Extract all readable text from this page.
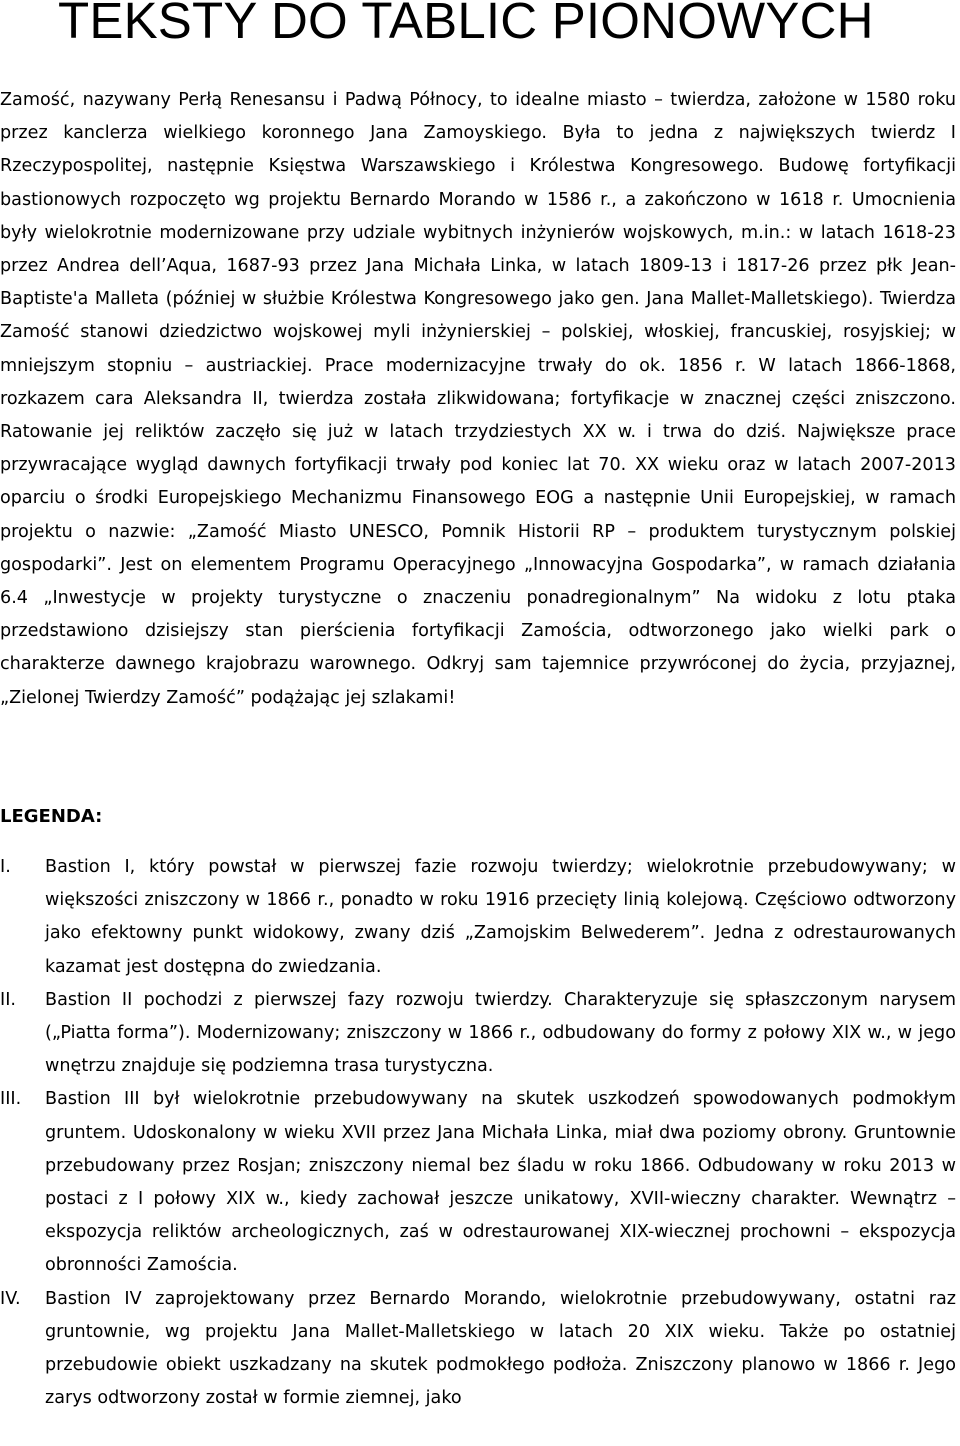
TEKSTY DO TABLIC PIONOWYCH

Zamość, nazywany Perłą Renesansu i Padwą Północy, to idealne miasto – twierdza, założone w 1580 roku przez kanclerza wielkiego koronnego Jana Zamoyskiego. Była to jedna z największych twierdz I Rzeczypospolitej, następnie Księstwa Warszawskiego i Królestwa Kongresowego. Budowę fortyfikacji bastionowych rozpoczęto wg projektu Bernardo Morando w 1586 r., a zakończono w 1618 r. Umocnienia były wielokrotnie modernizowane przy udziale wybitnych inżynierów wojskowych, m.in.: w latach 1618-23 przez Andrea dell’Aqua, 1687-93 przez Jana Michała Linka, w latach 1809-13 i 1817-26 przez płk Jean-Baptiste'a Malleta (później w służbie Królestwa Kongresowego jako gen. Jana Mallet-Malletskiego). Twierdza Zamość stanowi dziedzictwo wojskowej myli inżynierskiej – polskiej, włoskiej, francuskiej, rosyjskiej; w mniejszym stopniu – austriackiej. Prace modernizacyjne trwały do ok. 1856 r. W latach 1866-1868, rozkazem cara Aleksandra II, twierdza została zlikwidowana; fortyfikacje w znacznej części zniszczono. Ratowanie jej reliktów zaczęło się już w latach trzydziestych XX w. i trwa do dziś. Największe prace przywracające wygląd dawnych fortyfikacji trwały pod koniec lat 70. XX wieku oraz w latach 2007-2013 oparciu o środki Europejskiego Mechanizmu Finansowego EOG a następnie Unii Europejskiej, w ramach projektu o nazwie: „Zamość Miasto UNESCO, Pomnik Historii RP – produktem turystycznym polskiej gospodarki”. Jest on elementem Programu Operacyjnego „Innowacyjna Gospodarka”, w ramach działania 6.4 „Inwestycje w projekty turystyczne o znaczeniu ponadregionalnym” Na widoku z lotu ptaka przedstawiono dzisiejszy stan pierścienia fortyfikacji Zamościa, odtworzonego jako wielki park o charakterze dawnego krajobrazu warownego. Odkryj sam tajemnice przywróconej do życia, przyjaznej, „Zielonej Twierdzy Zamość” podążając jej szlakami!

LEGENDA:
I.	Bastion I, który powstał w pierwszej fazie rozwoju twierdzy; wielokrotnie przebudowywany; w większości zniszczony w 1866 r., ponadto w roku 1916 przecięty linią kolejową. Częściowo odtworzony jako efektowny punkt widokowy, zwany dziś „Zamojskim Belwederem”. Jedna z odrestaurowanych kazamat jest dostępna do zwiedzania.
II.	Bastion II pochodzi z pierwszej fazy rozwoju twierdzy. Charakteryzuje się spłaszczonym narysem („Piatta forma”). Modernizowany; zniszczony w 1866 r., odbudowany do formy z połowy XIX w., w jego wnętrzu znajduje się podziemna trasa turystyczna.
III.	Bastion III był wielokrotnie przebudowywany na skutek uszkodzeń spowodowanych podmokłym gruntem. Udoskonalony w wieku XVII przez Jana Michała Linka, miał dwa poziomy obrony. Gruntownie przebudowany przez Rosjan; zniszczony niemal bez śladu w roku 1866. Odbudowany w roku 2013 w postaci z I połowy XIX w., kiedy zachował jeszcze unikatowy, XVII-wieczny charakter. Wewnątrz – ekspozycja reliktów archeologicznych, zaś w odrestaurowanej XIX-wiecznej prochowni – ekspozycja obronności Zamościa.
IV.	Bastion IV zaprojektowany przez Bernardo Morando, wielokrotnie przebudowywany, ostatni raz gruntownie, wg projektu Jana Mallet-Malletskiego w latach 20 XIX wieku. Także po ostatniej przebudowie obiekt uszkadzany na skutek podmokłego podłoża. Zniszczony planowo w 1866 r. Jego zarys odtworzony został w formie ziemnej, jako
